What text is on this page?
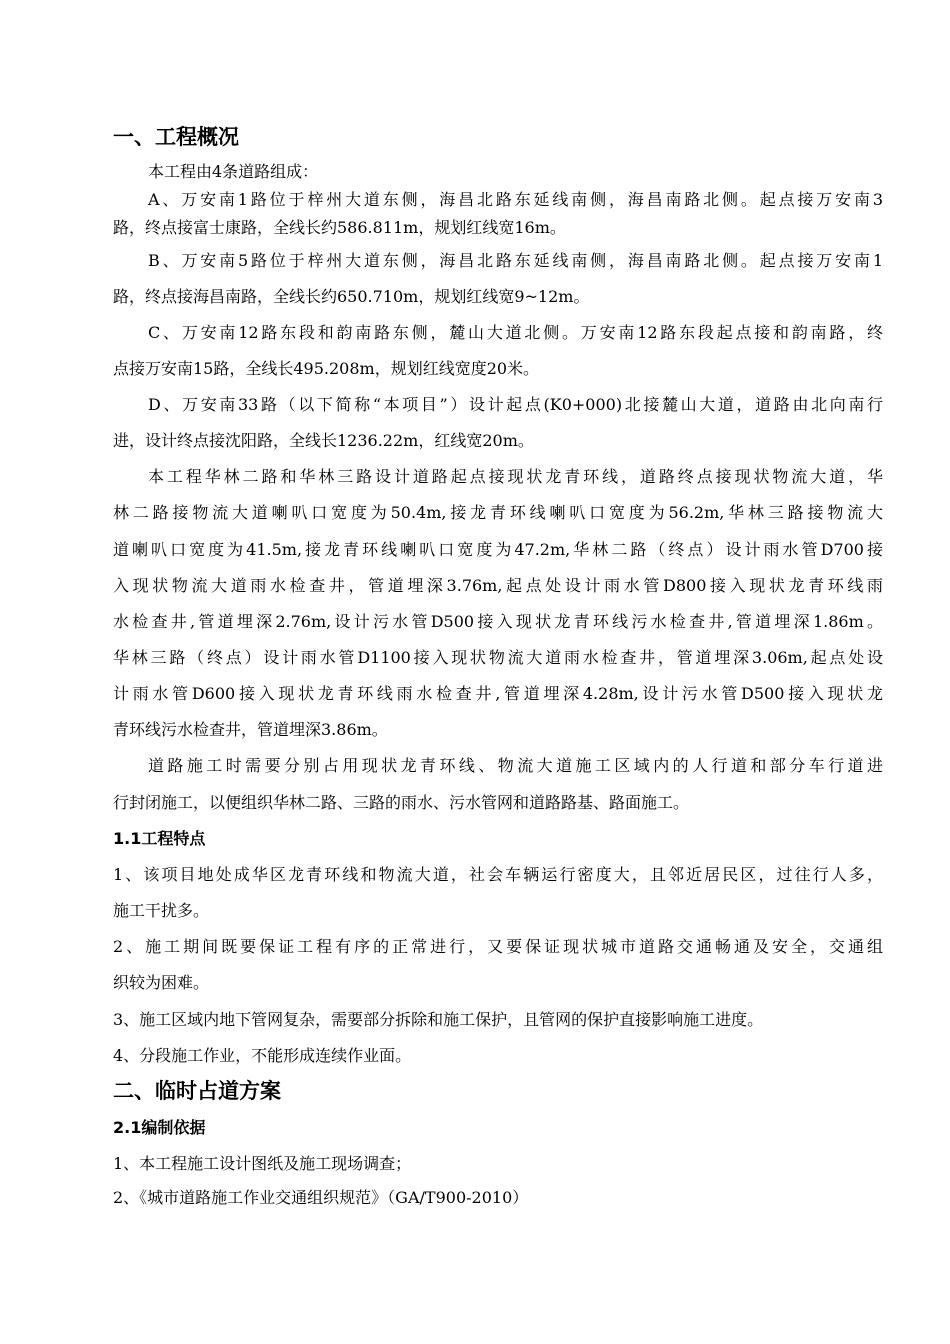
一、工程概况
本工程由4条道路组成：
A、万安南1路位于梓州大道东侧，海昌北路东延线南侧，海昌南路北侧。起点接万安南3
路，终点接富士康路，全线长约586.811m，规划红线宽16m。
B、万安南5路位于梓州大道东侧，海昌北路东延线南侧，海昌南路北侧。起点接万安南1
路，终点接海昌南路，全线长约650.710m，规划红线宽9~12m。
C、万安南12路东段和韵南路东侧，麓山大道北侧。万安南12路东段起点接和韵南路，终
点接万安南15路，全线长495.208m，规划红线宽度20米。
D、万安南33路（以下简称“本项目”）设计起点(K0+000)北接麓山大道，道路由北向南行
进，设计终点接沈阳路，全线长1236.22m，红线宽20m。
本工程华林二路和华林三路设计道路起点接现状龙青环线，道路终点接现状物流大道，华
林二路接物流大道喇叭口宽度为50.4m,接龙青环线喇叭口宽度为56.2m,华林三路接物流大
道喇叭口宽度为41.5m,接龙青环线喇叭口宽度为47.2m,华林二路（终点）设计雨水管D700接
入现状物流大道雨水检查井，管道埋深3.76m,起点处设计雨水管D800接入现状龙青环线雨
水检查井,管道埋深2.76m,设计污水管D500接入现状龙青环线污水检查井,管道埋深1.86m。
华林三路（终点）设计雨水管D1100接入现状物流大道雨水检查井，管道埋深3.06m,起点处设
计雨水管D600接入现状龙青环线雨水检查井,管道埋深4.28m,设计污水管D500接入现状龙
青环线污水检查井，管道埋深3.86m。
道路施工时需要分别占用现状龙青环线、物流大道施工区域内的人行道和部分车行道进
行封闭施工，以便组织华林二路、三路的雨水、污水管网和道路路基、路面施工。
1.1工程特点
1、该项目地处成华区龙青环线和物流大道，社会车辆运行密度大，且邻近居民区，过往行人多，
施工干扰多。
2、施工期间既要保证工程有序的正常进行，又要保证现状城市道路交通畅通及安全，交通组
织较为困难。
3、施工区域内地下管网复杂，需要部分拆除和施工保护，且管网的保护直接影响施工进度。
4、分段施工作业，不能形成连续作业面。
二、临时占道方案
2.1编制依据
1、本工程施工设计图纸及施工现场调查；
2、《城市道路施工作业交通组织规范》（GA/T900-2010）
